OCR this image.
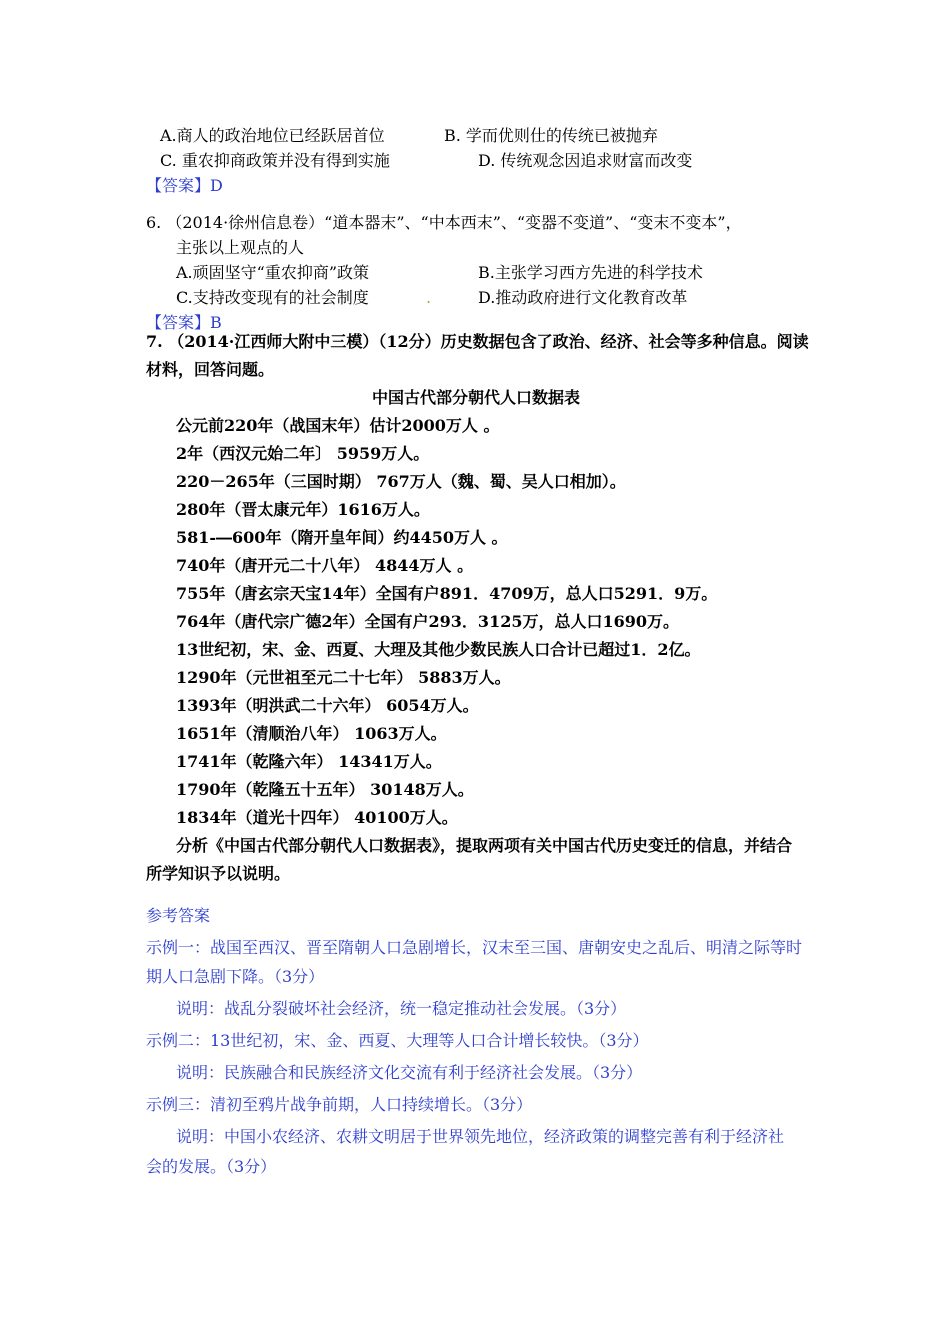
A.商人的政治地位已经跃居首位	B. 学而优则仕的传统已被抛弃
C. 重农抑商政策并没有得到实施	D. 传统观念因追求财富而改变
【答案】D
6. （2014·徐州信息卷）“道本器末”、“中本西末”、“变器不变道”、“变末不变本”，
主张以上观点的人
A.顽固坚守“重农抑商”政策	B.主张学习西方先进的科学技术
C.支持改变现有的社会制度	.	D.推动政府进行文化教育改革
【答案】B
7. （2014·江西师大附中三模）（12分）历史数据包含了政治、经济、社会等多种信息。阅读
材料，回答问题。
中国古代部分朝代人口数据表
公元前220年（战国末年）估计2000万人 。
2年（西汉元始二年〕 5959万人。
220－265年（三国时期） 767万人（魏、蜀、吴人口相加）。
280年（晋太康元年）1616万人。
581-―600年（隋开皇年间）约4450万人 。
740年（唐开元二十八年） 4844万人 。
755年（唐玄宗天宝14年）全国有户891．4709万，总人口5291．9万。
764年（唐代宗广德2年）全国有户293．3125万，总人口1690万。
13世纪初，宋、金、西夏、大理及其他少数民族人口合计已超过1．2亿。
1290年（元世祖至元二十七年） 5883万人。
1393年（明洪武二十六年） 6054万人。
1651年（清顺治八年） 1063万人。
1741年（乾隆六年） 14341万人。
1790年（乾隆五十五年） 30148万人。
1834年（道光十四年） 40100万人。
分析《中国古代部分朝代人口数据表》，提取两项有关中国古代历史变迁的信息，并结合
所学知识予以说明。
参考答案
示例一：战国至西汉、晋至隋朝人口急剧增长，汉末至三国、唐朝安史之乱后、明清之际等时
期人口急剧下降。（3分）
说明：战乱分裂破坏社会经济，统一稳定推动社会发展。（3分）
示例二：13世纪初，宋、金、西夏、大理等人口合计增长较快。（3分）
说明：民族融合和民族经济文化交流有利于经济社会发展。（3分）
示例三：清初至鸦片战争前期，人口持续增长。（3分）
说明：中国小农经济、农耕文明居于世界领先地位，经济政策的调整完善有利于经济社
会的发展。（3分）
